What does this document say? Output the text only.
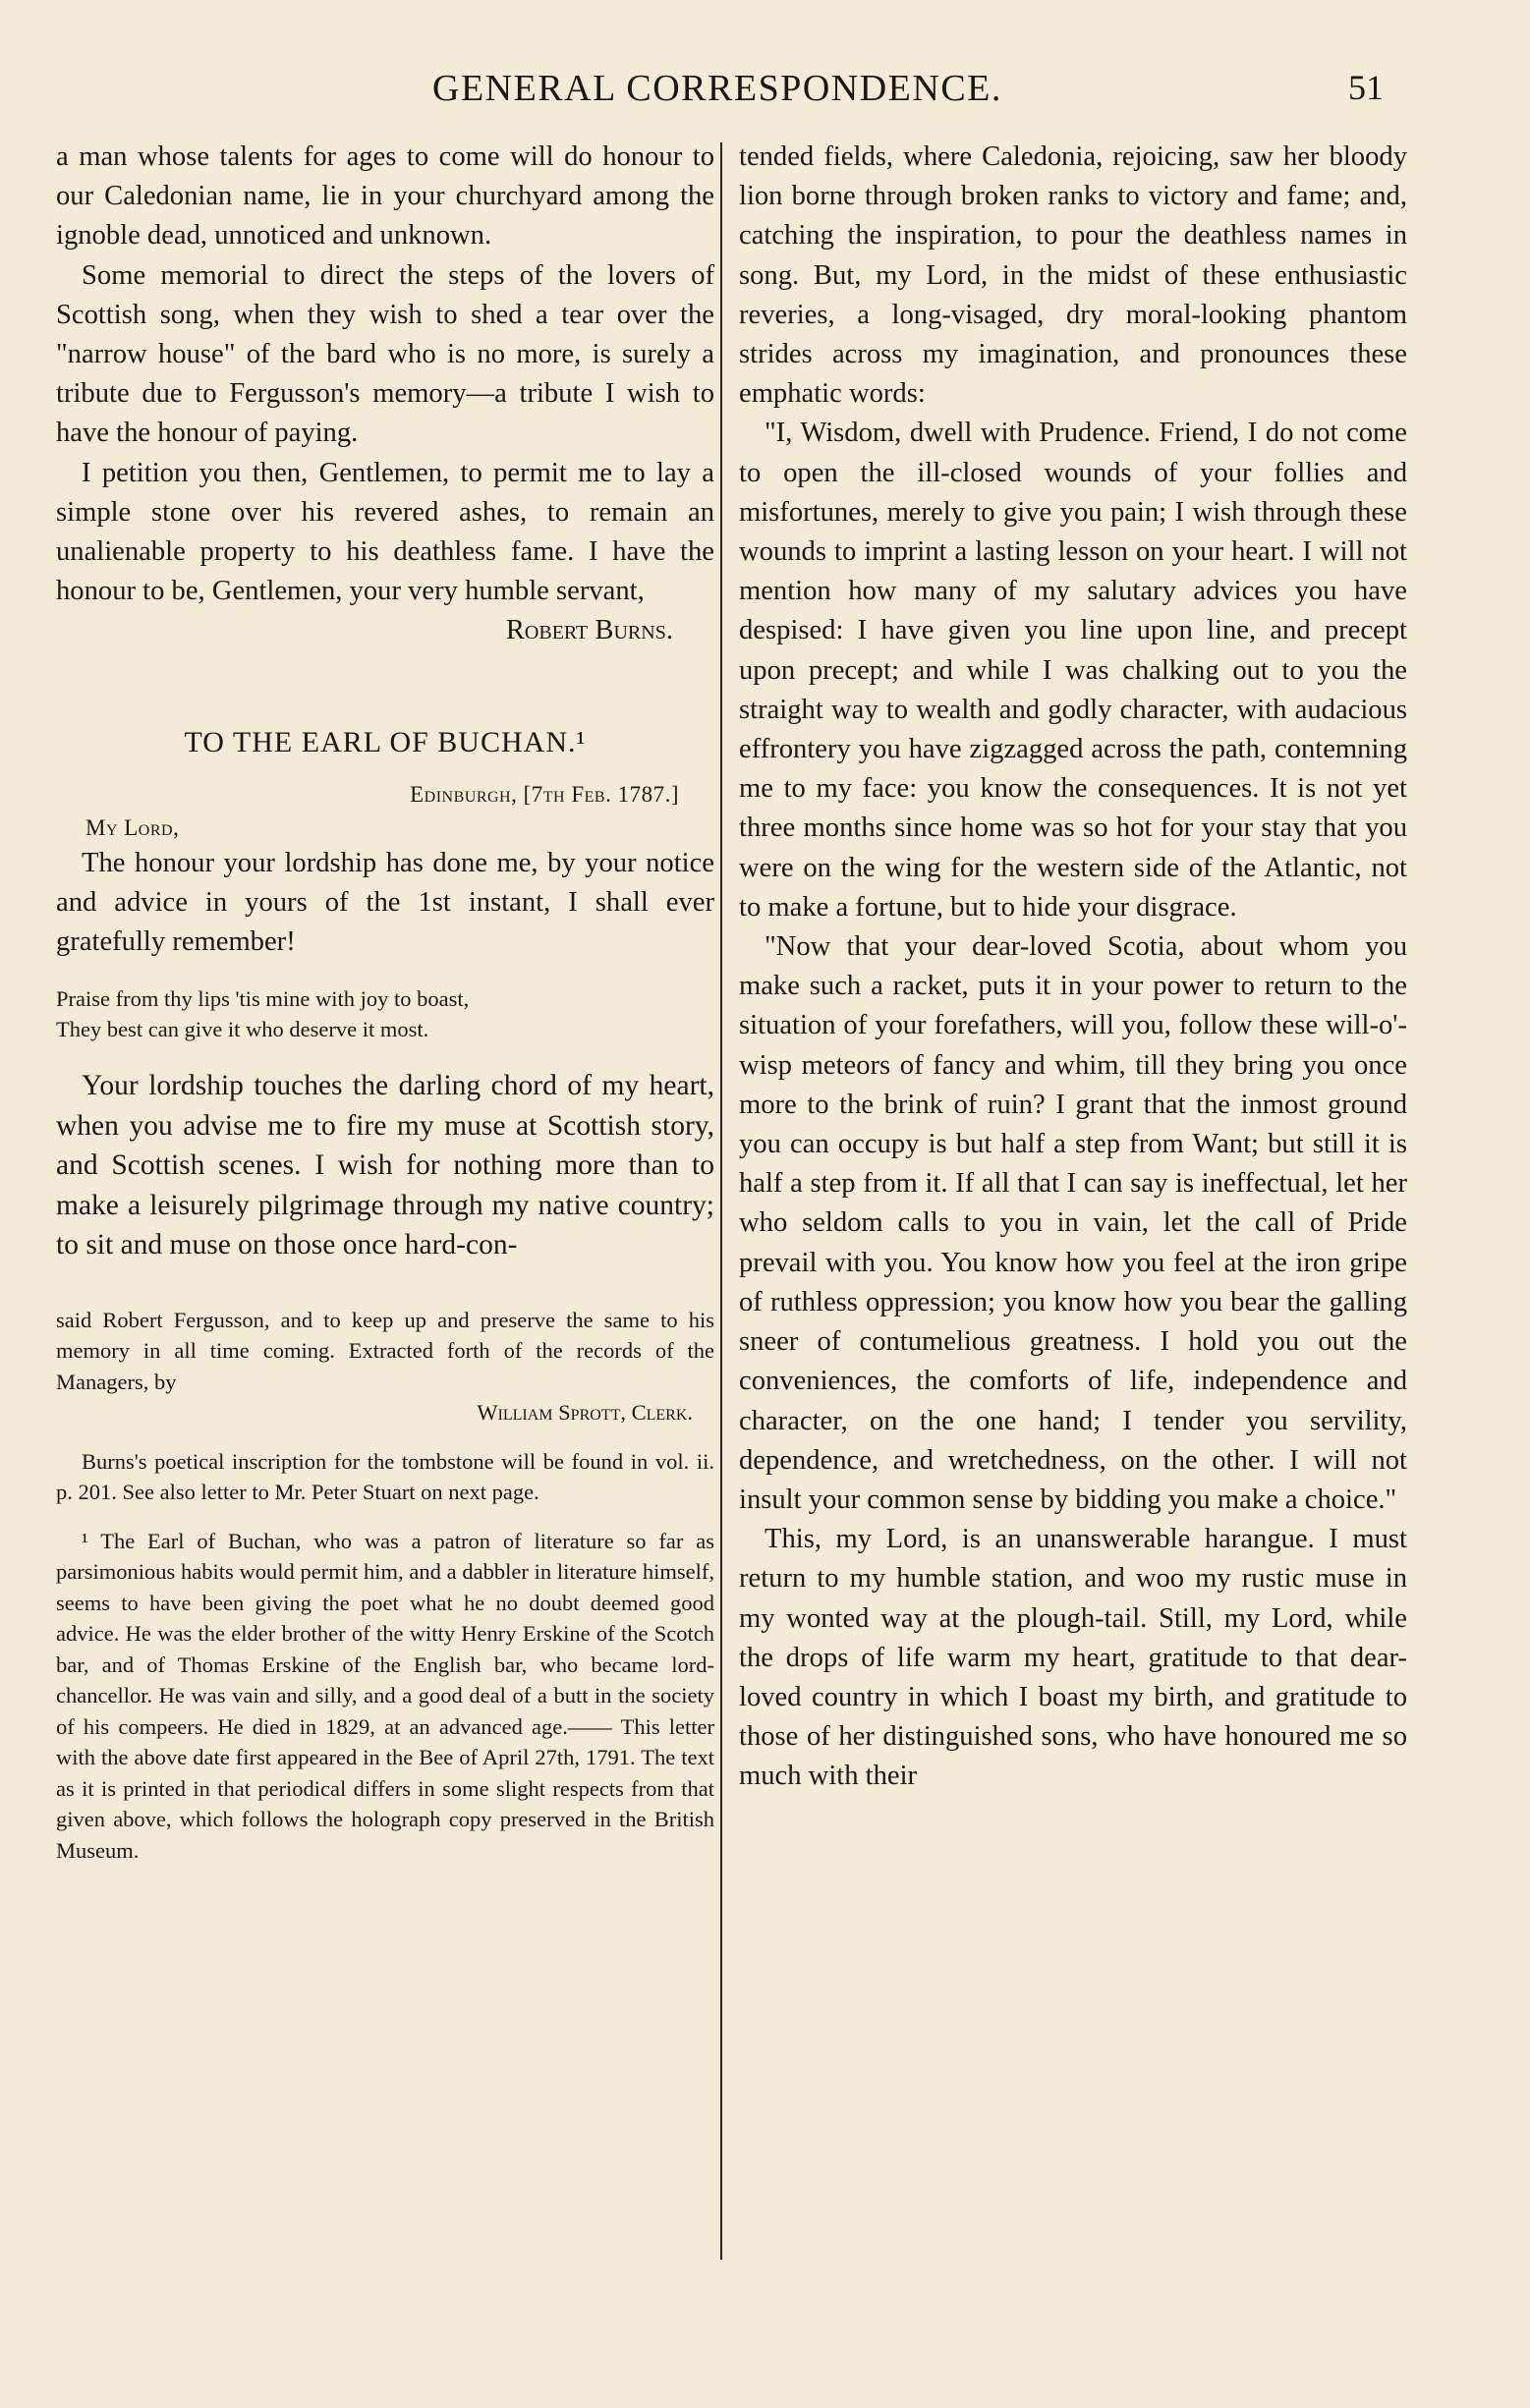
GENERAL CORRESPONDENCE.	51

a man whose talents for ages to come will do honour to our Caledonian name, lie in your churchyard among the ignoble dead, unnoticed and unknown.

Some memorial to direct the steps of the lovers of Scottish song, when they wish to shed a tear over the "narrow house" of the bard who is no more, is surely a tribute due to Fergusson's memory—a tribute I wish to have the honour of paying.

I petition you then, Gentlemen, to permit me to lay a simple stone over his revered ashes, to remain an unalienable property to his deathless fame. I have the honour to be, Gentlemen, your very humble servant,

Robert Burns.

TO THE EARL OF BUCHAN.¹
Edinburgh, [7th Feb. 1787.]
My Lord,

The honour your lordship has done me, by your notice and advice in yours of the 1st instant, I shall ever gratefully remember!

Praise from thy lips 'tis mine with joy to boast,
They best can give it who deserve it most.

Your lordship touches the darling chord of my heart, when you advise me to fire my muse at Scottish story, and Scottish scenes. I wish for nothing more than to make a leisurely pilgrimage through my native country; to sit and muse on those once hard-con-

said Robert Fergusson, and to keep up and preserve the same to his memory in all time coming. Extracted forth of the records of the Managers, by

William Sprott, Clerk.

Burns's poetical inscription for the tombstone will be found in vol. ii. p. 201. See also letter to Mr. Peter Stuart on next page.

¹ The Earl of Buchan, who was a patron of literature so far as parsimonious habits would permit him, and a dabbler in literature himself, seems to have been giving the poet what he no doubt deemed good advice. He was the elder brother of the witty Henry Erskine of the Scotch bar, and of Thomas Erskine of the English bar, who became lord-chancellor. He was vain and silly, and a good deal of a butt in the society of his compeers. He died in 1829, at an advanced age.—— This letter with the above date first appeared in the Bee of April 27th, 1791. The text as it is printed in that periodical differs in some slight respects from that given above, which follows the holograph copy preserved in the British Museum.

tended fields, where Caledonia, rejoicing, saw her bloody lion borne through broken ranks to victory and fame; and, catching the inspiration, to pour the deathless names in song. But, my Lord, in the midst of these enthusiastic reveries, a long-visaged, dry moral-looking phantom strides across my imagination, and pronounces these emphatic words:

"I, Wisdom, dwell with Prudence. Friend, I do not come to open the ill-closed wounds of your follies and misfortunes, merely to give you pain; I wish through these wounds to imprint a lasting lesson on your heart. I will not mention how many of my salutary advices you have despised: I have given you line upon line, and precept upon precept; and while I was chalking out to you the straight way to wealth and godly character, with audacious effrontery you have zigzagged across the path, contemning me to my face: you know the consequences. It is not yet three months since home was so hot for your stay that you were on the wing for the western side of the Atlantic, not to make a fortune, but to hide your disgrace.

"Now that your dear-loved Scotia, about whom you make such a racket, puts it in your power to return to the situation of your forefathers, will you, follow these will-o'-wisp meteors of fancy and whim, till they bring you once more to the brink of ruin? I grant that the inmost ground you can occupy is but half a step from Want; but still it is half a step from it. If all that I can say is ineffectual, let her who seldom calls to you in vain, let the call of Pride prevail with you. You know how you feel at the iron gripe of ruthless oppression; you know how you bear the galling sneer of contumelious greatness. I hold you out the conveniences, the comforts of life, independence and character, on the one hand; I tender you servility, dependence, and wretchedness, on the other. I will not insult your common sense by bidding you make a choice."

This, my Lord, is an unanswerable harangue. I must return to my humble station, and woo my rustic muse in my wonted way at the plough-tail. Still, my Lord, while the drops of life warm my heart, gratitude to that dear-loved country in which I boast my birth, and gratitude to those of her distinguished sons, who have honoured me so much with their
